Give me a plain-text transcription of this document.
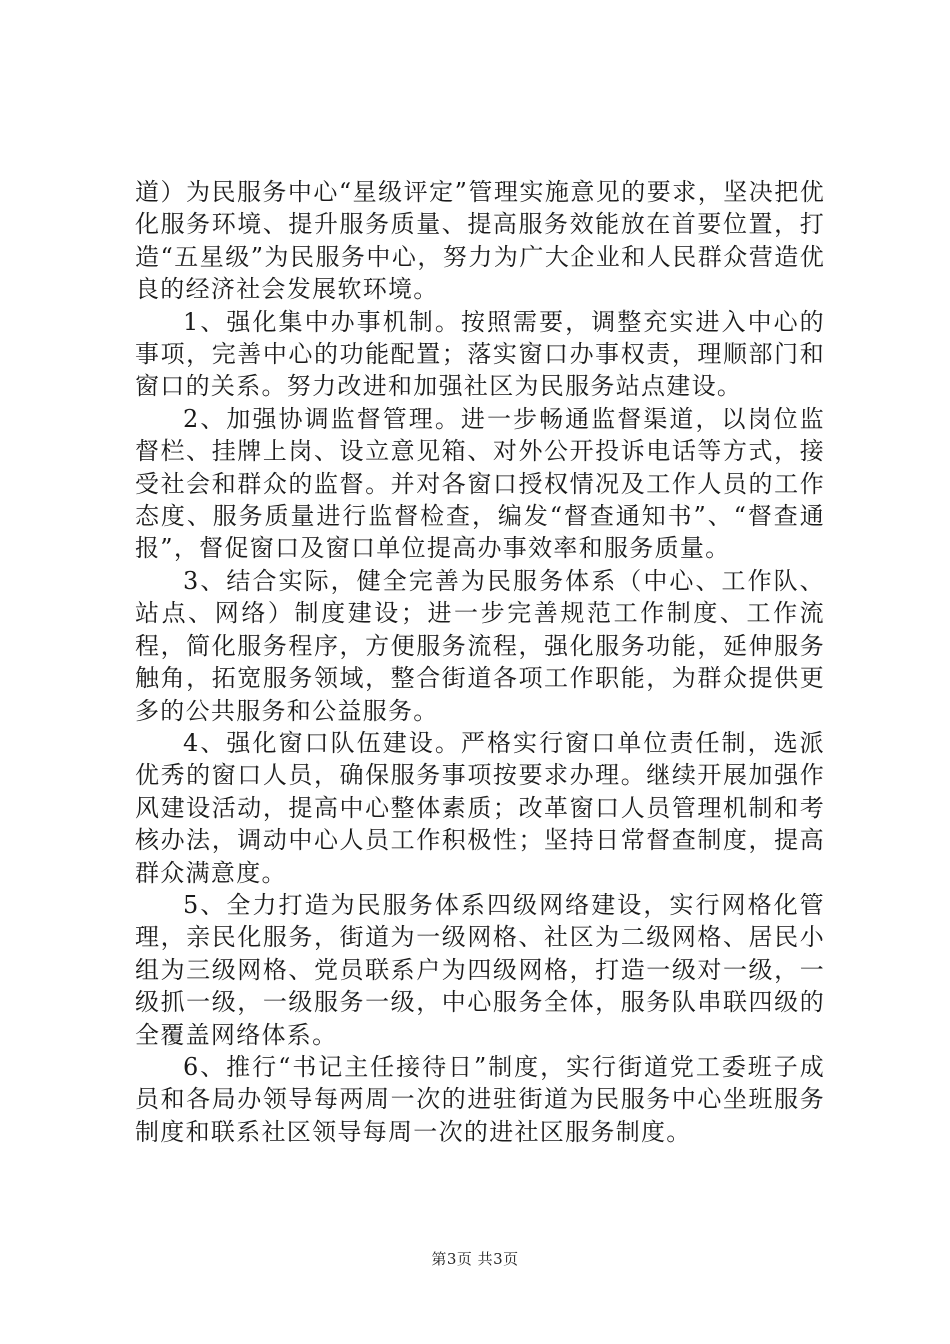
道）为民服务中心“星级评定”管理实施意见的要求，坚决把优化服务环境、提升服务质量、提高服务效能放在首要位置，打造“五星级”为民服务中心，努力为广大企业和人民群众营造优良的经济社会发展软环境。

1、强化集中办事机制。按照需要，调整充实进入中心的事项，完善中心的功能配置；落实窗口办事权责，理顺部门和窗口的关系。努力改进和加强社区为民服务站点建设。

2、加强协调监督管理。进一步畅通监督渠道，以岗位监督栏、挂牌上岗、设立意见箱、对外公开投诉电话等方式，接受社会和群众的监督。并对各窗口授权情况及工作人员的工作态度、服务质量进行监督检查，编发“督查通知书”、“督查通报”，督促窗口及窗口单位提高办事效率和服务质量。

3、结合实际，健全完善为民服务体系（中心、工作队、站点、网络）制度建设；进一步完善规范工作制度、工作流程，简化服务程序，方便服务流程，强化服务功能，延伸服务触角，拓宽服务领域，整合街道各项工作职能，为群众提供更多的公共服务和公益服务。

4、强化窗口队伍建设。严格实行窗口单位责任制，选派优秀的窗口人员，确保服务事项按要求办理。继续开展加强作风建设活动，提高中心整体素质；改革窗口人员管理机制和考核办法，调动中心人员工作积极性；坚持日常督查制度，提高群众满意度。

5、全力打造为民服务体系四级网络建设，实行网格化管理，亲民化服务，街道为一级网格、社区为二级网格、居民小组为三级网格、党员联系户为四级网格，打造一级对一级，一级抓一级，一级服务一级，中心服务全体，服务队串联四级的全覆盖网络体系。

6、推行“书记主任接待日”制度，实行街道党工委班子成员和各局办领导每两周一次的进驻街道为民服务中心坐班服务制度和联系社区领导每周一次的进社区服务制度。

第3页 共3页
